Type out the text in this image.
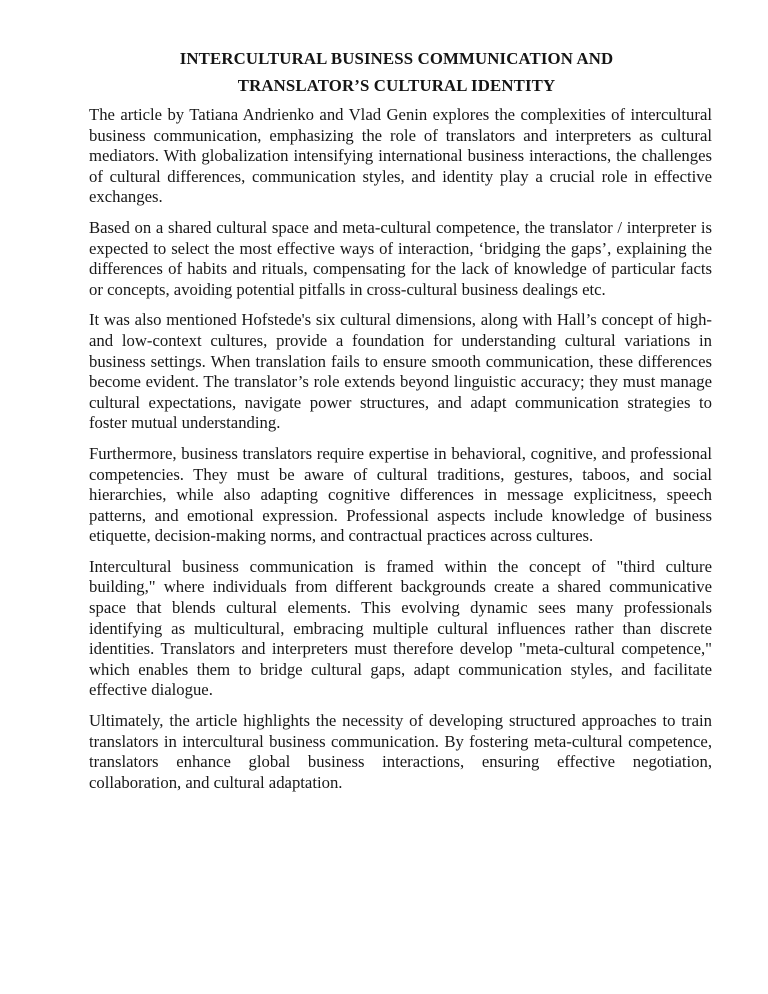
INTERCULTURAL BUSINESS COMMUNICATION AND
TRANSLATOR’S CULTURAL IDENTITY

The article by Tatiana Andrienko and Vlad Genin explores the complexities of intercultural business communication, emphasizing the role of translators and interpreters as cultural mediators. With globalization intensifying international business interactions, the challenges of cultural differences, communication styles, and identity play a crucial role in effective exchanges.

Based on a shared cultural space and meta-cultural competence, the translator / interpreter is expected to select the most effective ways of interaction, ‘bridging the gaps’, explaining the differences of habits and rituals, compensating for the lack of knowledge of particular facts or concepts, avoiding potential pitfalls in cross-cultural business dealings etc.

It was also mentioned Hofstede's six cultural dimensions, along with Hall’s concept of high- and low-context cultures, provide a foundation for understanding cultural variations in business settings. When translation fails to ensure smooth communication, these differences become evident. The translator’s role extends beyond linguistic accuracy; they must manage cultural expectations, navigate power structures, and adapt communication strategies to foster mutual understanding.

Furthermore, business translators require expertise in behavioral, cognitive, and professional competencies. They must be aware of cultural traditions, gestures, taboos, and social hierarchies, while also adapting cognitive differences in message explicitness, speech patterns, and emotional expression. Professional aspects include knowledge of business etiquette, decision-making norms, and contractual practices across cultures.

Intercultural business communication is framed within the concept of "third culture building," where individuals from different backgrounds create a shared communicative space that blends cultural elements. This evolving dynamic sees many professionals identifying as multicultural, embracing multiple cultural influences rather than discrete identities. Translators and interpreters must therefore develop "meta-cultural competence," which enables them to bridge cultural gaps, adapt communication styles, and facilitate effective dialogue.

Ultimately, the article highlights the necessity of developing structured approaches to train translators in intercultural business communication. By fostering meta-cultural competence, translators enhance global business interactions, ensuring effective negotiation, collaboration, and cultural adaptation.
